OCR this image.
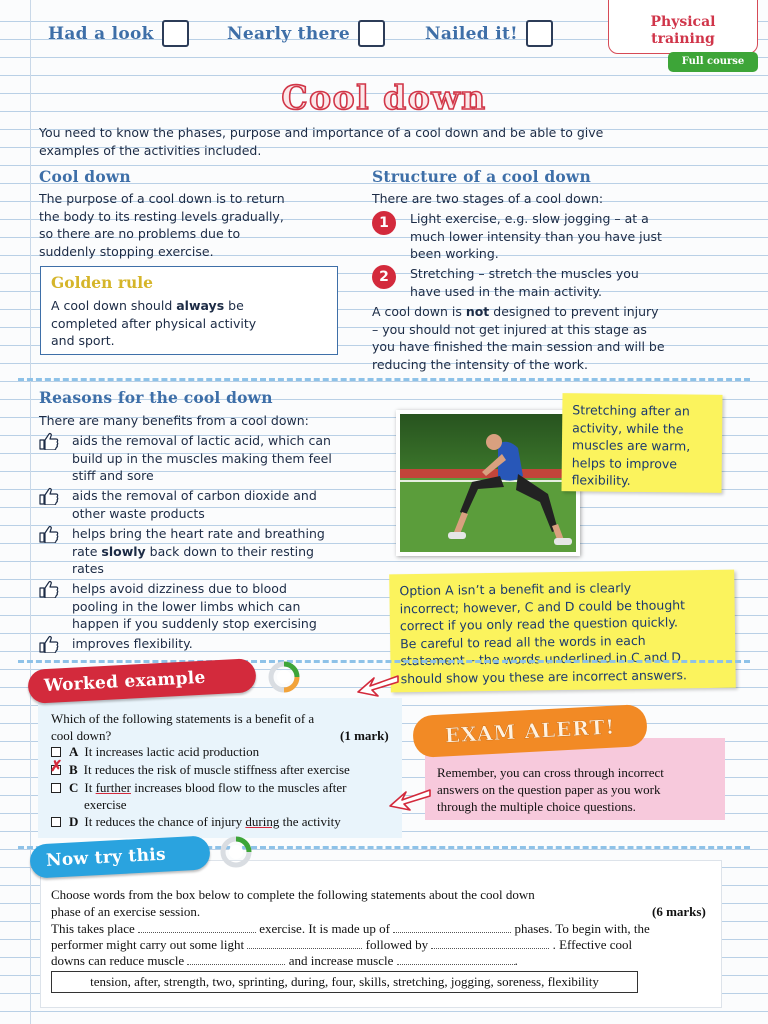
Had a look	Nearly there	Nailed it!
Physical
training
Full course
Cool down
You need to know the phases, purpose and importance of a cool down and be able to give
examples of the activities included.
Cool down
The purpose of a cool down is to return
the body to its resting levels gradually,
so there are no problems due to
suddenly stopping exercise.
Golden rule
A cool down should always be
completed after physical activity
and sport.
Structure of a cool down
There are two stages of a cool down:
1	Light exercise, e.g. slow jogging – at a
much lower intensity than you have just
been working.
2	Stretching – stretch the muscles you
have used in the main activity.
A cool down is not designed to prevent injury
– you should not get injured at this stage as
you have finished the main session and will be
reducing the intensity of the work.
Reasons for the cool down
There are many benefits from a cool down:
aids the removal of lactic acid, which can
build up in the muscles making them feel
stiff and sore
aids the removal of carbon dioxide and
other waste products
helps bring the heart rate and breathing
rate slowly back down to their resting
rates
helps avoid dizziness due to blood
pooling in the lower limbs which can
happen if you suddenly stop exercising
improves flexibility.
Stretching after an
activity, while the
muscles are warm,
helps to improve
flexibility.
Option A isn’t a benefit and is clearly
incorrect; however, C and D could be thought
correct if you only read the question quickly.
Be careful to read all the words in each
statement – the words underlined in C and D
should show you these are incorrect answers.
Worked example
Which of the following statements is a benefit of a
cool down?	(1 mark)
A It increases lactic acid production
✗ B It reduces the risk of muscle stiffness after exercise
C It further increases blood flow to the muscles after
exercise
D It reduces the chance of injury during the activity
Remember, you can cross through incorrect
answers on the question paper as you work
through the multiple choice questions.
EXAM ALERT!
Now try this
Choose words from the box below to complete the following statements about the cool down
phase of an exercise session.	(6 marks)
This takes place	exercise. It is made up of	phases. To begin with, the
performer might carry out some light	followed by	. Effective cool
downs can reduce muscle	and increase muscle	.
tension, after, strength, two, sprinting, during, four, skills, stretching, jogging, soreness, flexibility
